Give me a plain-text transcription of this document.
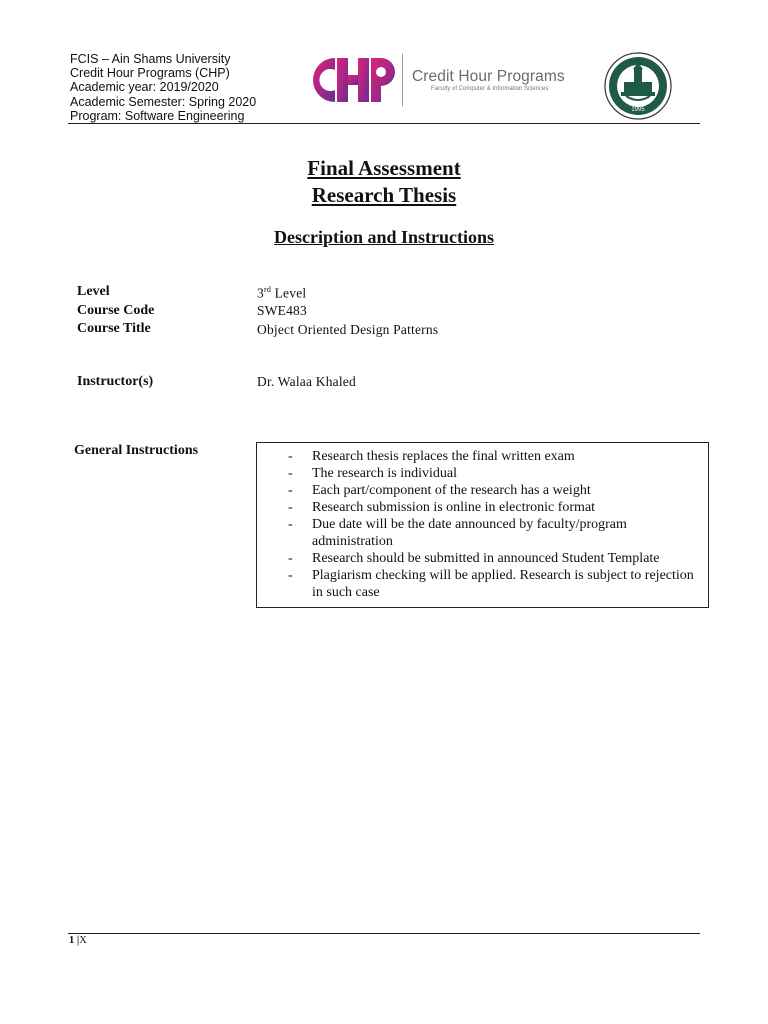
FCIS – Ain Shams University
Credit Hour Programs (CHP)
Academic year: 2019/2020
Academic Semester: Spring 2020
Program: Software Engineering
Credit Hour Programs
Faculty of Computer & Information Sciences
1995
Final Assessment
Research Thesis
Description and Instructions
Level	3rd Level
Course Code	SWE483
Course Title	Object Oriented Design Patterns
Instructor(s)	Dr. Walaa Khaled
General Instructions	- Research thesis replaces the final written exam
- The research is individual
- Each part/component of the research has a weight
- Research submission is online in electronic format
- Due date will be the date announced by faculty/program administration
- Research should be submitted in announced Student Template
- Plagiarism checking will be applied. Research is subject to rejection in such case
1 |X
